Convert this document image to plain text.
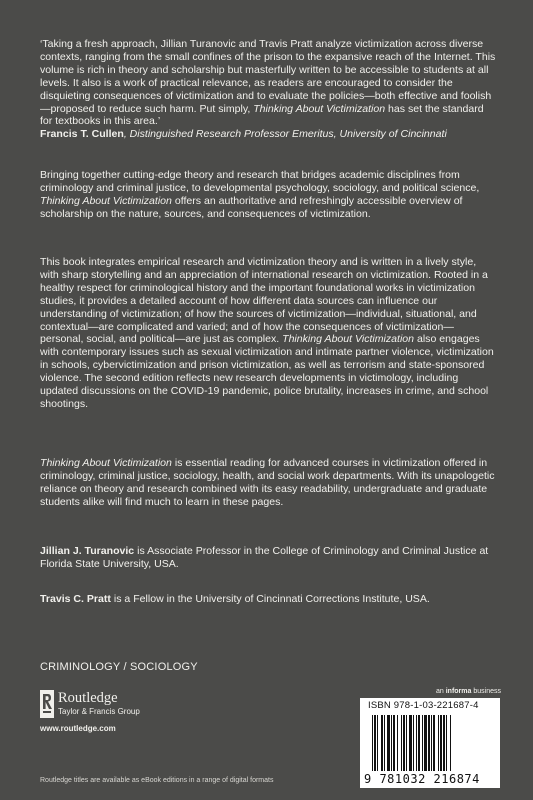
‘Taking a fresh approach, Jillian Turanovic and Travis Pratt analyze victimization across diverse contexts, ranging from the small confines of the prison to the expansive reach of the Internet. This volume is rich in theory and scholarship but masterfully written to be accessible to students at all levels. It also is a work of practical relevance, as readers are encouraged to consider the disquieting consequences of victimization and to evaluate the policies—both effective and foolish—proposed to reduce such harm. Put simply, Thinking About Victimization has set the standard for textbooks in this area.’
Francis T. Cullen, Distinguished Research Professor Emeritus, University of Cincinnati
Bringing together cutting-edge theory and research that bridges academic disciplines from criminology and criminal justice, to developmental psychology, sociology, and political science, Thinking About Victimization offers an authoritative and refreshingly accessible overview of scholarship on the nature, sources, and consequences of victimization.
This book integrates empirical research and victimization theory and is written in a lively style, with sharp storytelling and an appreciation of international research on victimization. Rooted in a healthy respect for criminological history and the important foundational works in victimization studies, it provides a detailed account of how different data sources can influence our understanding of victimization; of how the sources of victimization—individual, situational, and contextual—are complicated and varied; and of how the consequences of victimization—personal, social, and political—are just as complex. Thinking About Victimization also engages with contemporary issues such as sexual victimization and intimate partner violence, victimization in schools, cybervictimization and prison victimization, as well as terrorism and state-sponsored violence. The second edition reflects new research developments in victimology, including updated discussions on the COVID-19 pandemic, police brutality, increases in crime, and school shootings.
Thinking About Victimization is essential reading for advanced courses in victimization offered in criminology, criminal justice, sociology, health, and social work departments. With its unapologetic reliance on theory and research combined with its easy readability, undergraduate and graduate students alike will find much to learn in these pages.
Jillian J. Turanovic is Associate Professor in the College of Criminology and Criminal Justice at Florida State University, USA.
Travis C. Pratt is a Fellow in the University of Cincinnati Corrections Institute, USA.
CRIMINOLOGY / SOCIOLOGY
Routledge
Taylor & Francis Group
www.routledge.com
Routledge titles are available as eBook editions in a range of digital formats
an informa business
ISBN 978-1-03-221687-4
9 781032 216874
